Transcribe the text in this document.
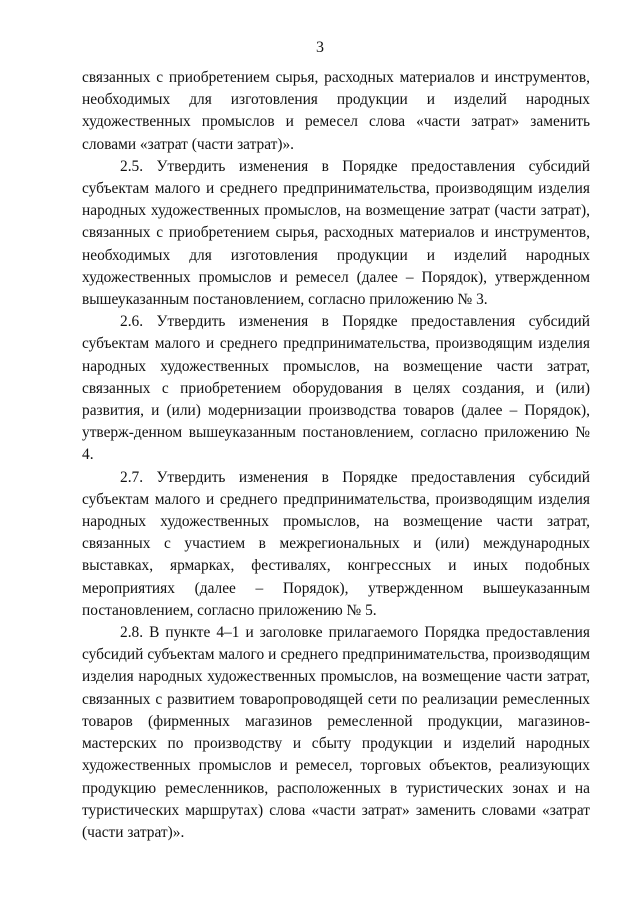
3

связанных с приобретением сырья, расходных материалов и инструментов, необходимых для изготовления продукции и изделий народных художественных промыслов и ремесел слова «части затрат» заменить словами «затрат (части затрат)».

2.5. Утвердить изменения в Порядке предоставления субсидий субъектам малого и среднего предпринимательства, производящим изделия народных художественных промыслов, на возмещение затрат (части затрат), связанных с приобретением сырья, расходных материалов и инструментов, необходимых для изготовления продукции и изделий народных художественных промыслов и ремесел (далее – Порядок), утвержденном вышеуказанным постановлением, согласно приложению № 3.

2.6. Утвердить изменения в Порядке предоставления субсидий субъектам малого и среднего предпринимательства, производящим изделия народных художественных промыслов, на возмещение части затрат, связанных с приобретением оборудования в целях создания, и (или) развития, и (или) модернизации производства товаров (далее – Порядок), утверж-денном вышеуказанным постановлением, согласно приложению № 4.

2.7. Утвердить изменения в Порядке предоставления субсидий субъектам малого и среднего предпринимательства, производящим изделия народных художественных промыслов, на возмещение части затрат, связанных с участием в межрегиональных и (или) международных выставках, ярмарках, фестивалях, конгрессных и иных подобных мероприятиях (далее – Порядок), утвержденном вышеуказанным постановлением, согласно приложению № 5.

2.8. В пункте 4–1 и заголовке прилагаемого Порядка предоставления субсидий субъектам малого и среднего предпринимательства, производящим изделия народных художественных промыслов, на возмещение части затрат, связанных с развитием товаропроводящей сети по реализации ремесленных товаров (фирменных магазинов ремесленной продукции, магазинов-мастерских по производству и сбыту продукции и изделий народных художественных промыслов и ремесел, торговых объектов, реализующих продукцию ремесленников, расположенных в туристических зонах и на туристических маршрутах) слова «части затрат» заменить словами «затрат (части затрат)».
